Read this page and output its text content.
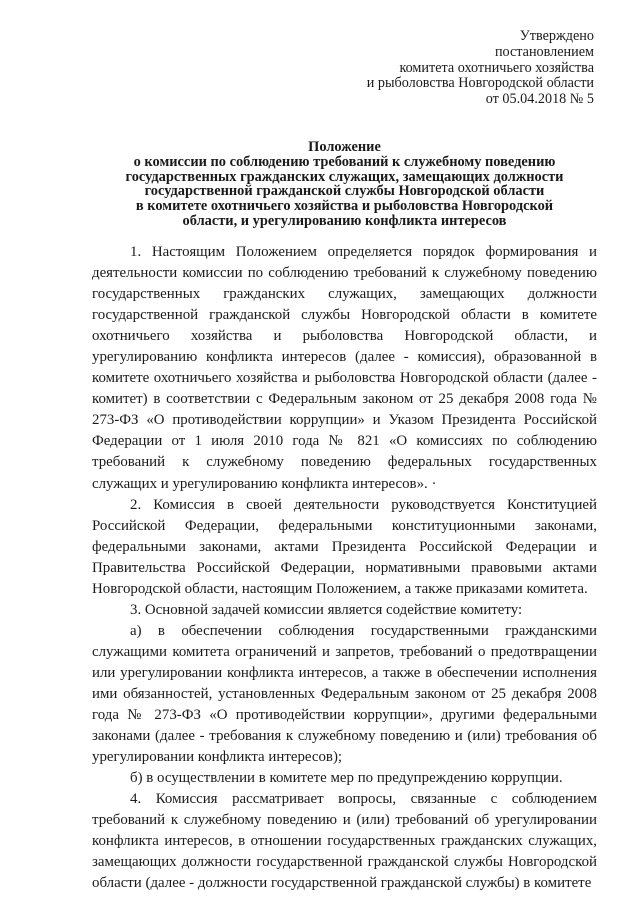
Утверждено
постановлением
комитета охотничьего хозяйства
и рыболовства Новгородской области
от 05.04.2018 № 5
Положение
о комиссии по соблюдению требований к служебному поведению
государственных гражданских служащих, замещающих должности
государственной гражданской службы Новгородской области
в комитете охотничьего хозяйства и рыболовства Новгородской
области, и урегулированию конфликта интересов

1. Настоящим Положением определяется порядок формирования и деятельности комиссии по соблюдению требований к служебному поведению государственных гражданских служащих, замещающих должности государственной гражданской службы Новгородской области в комитете охотничьего хозяйства и рыболовства Новгородской области, и урегулированию конфликта интересов (далее - комиссия), образованной в комитете охотничьего хозяйства и рыболовства Новгородской области (далее - комитет) в соответствии с Федеральным законом от 25 декабря 2008 года № 273-ФЗ «О противодействии коррупции» и Указом Президента Российской Федерации от 1 июля 2010 года № 821 «О комиссиях по соблюдению требований к служебному поведению федеральных государственных служащих и урегулированию конфликта интересов». ·

2. Комиссия в своей деятельности руководствуется Конституцией Российской Федерации, федеральными конституционными законами, федеральными законами, актами Президента Российской Федерации и Правительства Российской Федерации, нормативными правовыми актами Новгородской области, настоящим Положением, а также приказами комитета.

3. Основной задачей комиссии является содействие комитету:

а) в обеспечении соблюдения государственными гражданскими служащими комитета ограничений и запретов, требований о предотвращении или урегулировании конфликта интересов, а также в обеспечении исполнения ими обязанностей, установленных Федеральным законом от 25 декабря 2008 года № 273-ФЗ «О противодействии коррупции», другими федеральными законами (далее - требования к служебному поведению и (или) требования об урегулировании конфликта интересов);

б) в осуществлении в комитете мер по предупреждению коррупции.

4. Комиссия рассматривает вопросы, связанные с соблюдением требований к служебному поведению и (или) требований об урегулировании конфликта интересов, в отношении государственных гражданских служащих, замещающих должности государственной гражданской службы Новгородской области (далее - должности государственной гражданской службы) в комитете
